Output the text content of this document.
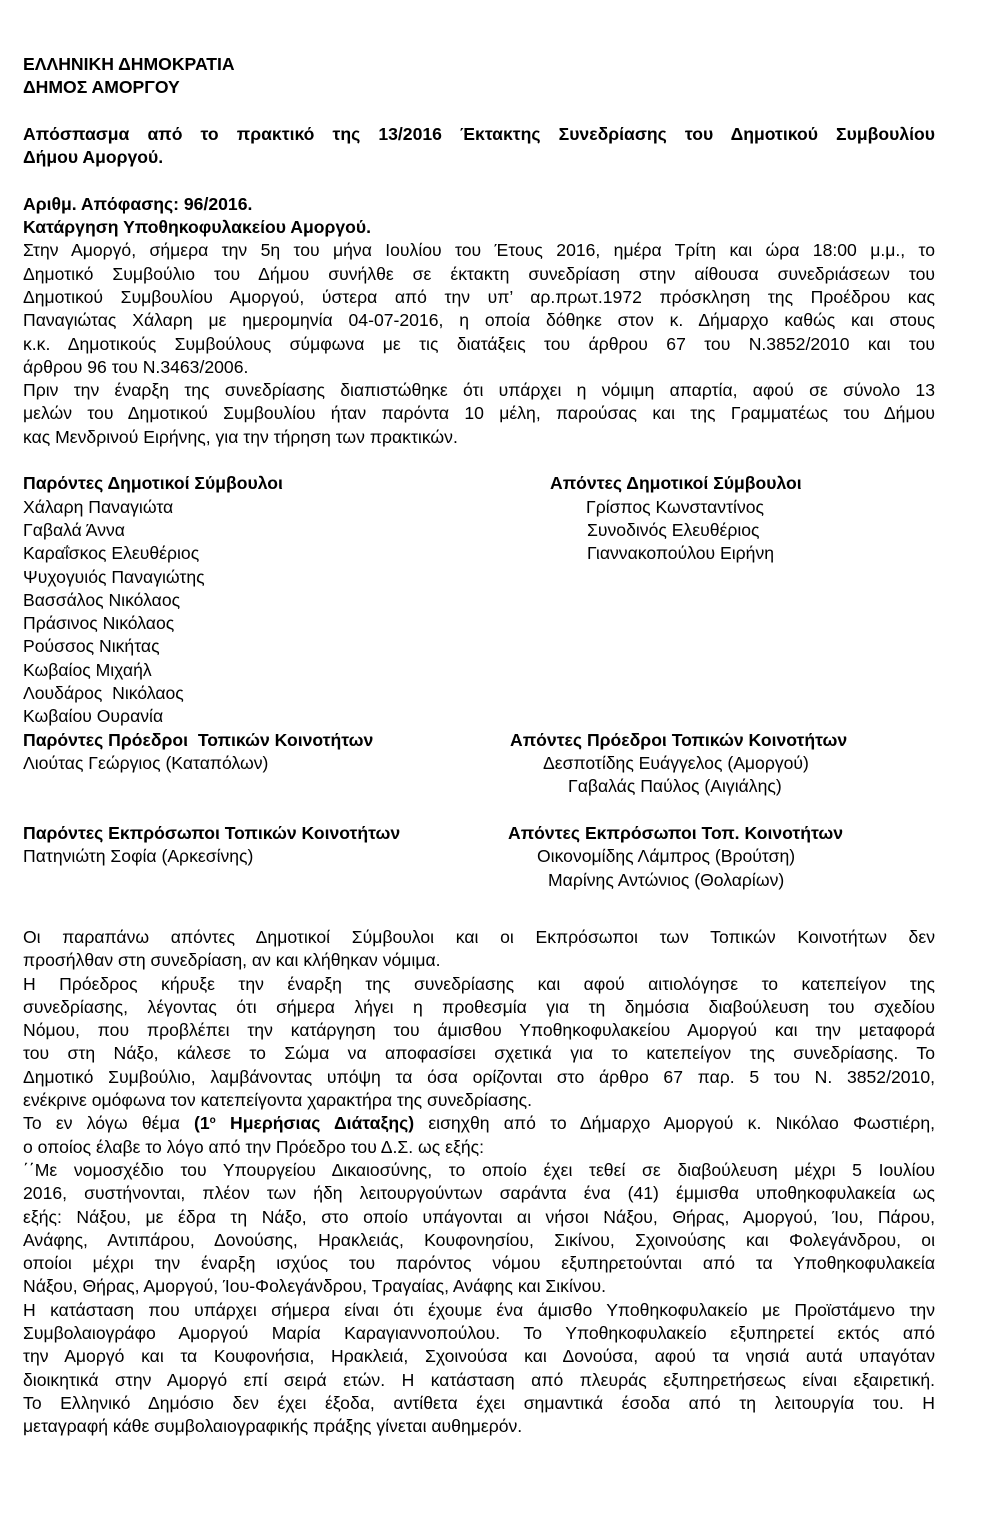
ΕΛΛΗΝΙΚΗ ΔΗΜΟΚΡΑΤΙΑ
ΔΗΜΟΣ ΑΜΟΡΓΟΥ
Απόσπασμα από το πρακτικό της 13/2016 Έκτακτης Συνεδρίασης του Δημοτικού Συμβουλίου
Δήμου Αμοργού.
Αριθμ. Απόφασης: 96/2016.
Κατάργηση Υποθηκοφυλακείου Αμοργού.
Στην Αμοργό, σήμερα την 5η του μήνα Ιουλίου του Έτους 2016, ημέρα Τρίτη και ώρα 18:00 μ.μ., το
Δημοτικό Συμβούλιο του Δήμου συνήλθε σε έκτακτη συνεδρίαση στην αίθουσα συνεδριάσεων του
Δημοτικού Συμβουλίου Αμοργού, ύστερα από την υπ’ αρ.πρωτ.1972 πρόσκληση της Προέδρου κας
Παναγιώτας Χάλαρη με ημερομηνία 04-07-2016, η οποία δόθηκε στον κ. Δήμαρχο καθώς και στους
κ.κ. Δημοτικούς Συμβούλους σύμφωνα με τις διατάξεις του άρθρου 67 του Ν.3852/2010 και του
άρθρου 96 του Ν.3463/2006.
Πριν την έναρξη της συνεδρίασης διαπιστώθηκε ότι υπάρχει η νόμιμη απαρτία, αφού σε σύνολο 13
μελών του Δημοτικού Συμβουλίου ήταν παρόντα 10 μέλη, παρούσας και της Γραμματέως του Δήμου
κας Μενδρινού Ειρήνης, για την τήρηση των πρακτικών.
Παρόντες Δημοτικοί Σύμβουλοι
Χάλαρη Παναγιώτα
Γαβαλά Άννα
Καραΐσκος Ελευθέριος
Ψυχογυιός Παναγιώτης
Βασσάλος Νικόλαος
Πράσινος Νικόλαος
Ρούσσος Νικήτας
Κωβαίος Μιχαήλ
Λουδάρος  Νικόλαος
Κωβαίου Ουρανία
Απόντες Δημοτικοί Σύμβουλοι
Γρίσπος Κωνσταντίνος
Συνοδινός Ελευθέριος
Γιαννακοπούλου Ειρήνη
Παρόντες Πρόεδροι  Τοπικών Κοινοτήτων
Λιούτας Γεώργιος (Καταπόλων)
Απόντες Πρόεδροι Τοπικών Κοινοτήτων
Δεσποτίδης Ευάγγελος (Αμοργού)
Γαβαλάς Παύλος (Αιγιάλης)
Παρόντες Εκπρόσωποι Τοπικών Κοινοτήτων
Πατηνιώτη Σοφία (Αρκεσίνης)
Απόντες Εκπρόσωποι Τοπ. Κοινοτήτων
Οικονομίδης Λάμπρος (Βρούτση)
Μαρίνης Αντώνιος (Θολαρίων)
Οι παραπάνω απόντες Δημοτικοί Σύμβουλοι και οι Εκπρόσωποι των Τοπικών Κοινοτήτων δεν
προσήλθαν στη συνεδρίαση, αν και κλήθηκαν νόμιμα.
Η Πρόεδρος κήρυξε την έναρξη της συνεδρίασης και αφού αιτιολόγησε το κατεπείγον της
συνεδρίασης, λέγοντας ότι σήμερα λήγει η προθεσμία για τη δημόσια διαβούλευση του σχεδίου
Νόμου, που προβλέπει την κατάργηση του άμισθου Υποθηκοφυλακείου Αμοργού και την μεταφορά
του στη Νάξο, κάλεσε το Σώμα να αποφασίσει σχετικά για το κατεπείγον της συνεδρίασης. Το
Δημοτικό Συμβούλιο, λαμβάνοντας υπόψη τα όσα ορίζονται στο άρθρο 67 παρ. 5 του Ν. 3852/2010,
ενέκρινε ομόφωνα τον κατεπείγοντα χαρακτήρα της συνεδρίασης.
Το εν λόγω θέμα ($1^o$ Ημερήσιας Διάταξης) εισηχθη από το Δήμαρχο Αμοργού κ. Νικόλαο Φωστιέρη,
ο οποίος έλαβε το λόγο από την Πρόεδρο του Δ.Σ. ως εξής:
΄΄Με νομοσχέδιο του Υπουργείου Δικαιοσύνης, το οποίο έχει τεθεί σε διαβούλευση μέχρι 5 Ιουλίου
2016, συστήνονται, πλέον των ήδη λειτουργούντων σαράντα ένα (41) έμμισθα υποθηκοφυλακεία ως
εξής: Νάξου, με έδρα τη Νάξο, στο οποίο υπάγονται αι νήσοι Νάξου, Θήρας, Αμοργού, Ίου, Πάρου,
Ανάφης, Αντιπάρου, Δονούσης, Ηρακλειάς, Κουφονησίου, Σικίνου, Σχοινούσης και Φολεγάνδρου, οι
οποίοι μέχρι την έναρξη ισχύος του παρόντος νόμου εξυπηρετούνται από τα Υποθηκοφυλακεία
Νάξου, Θήρας, Αμοργού, Ίου-Φολεγάνδρου, Τραγαίας, Ανάφης και Σικίνου.
Η κατάσταση που υπάρχει σήμερα είναι ότι έχουμε ένα άμισθο Υποθηκοφυλακείο με Προϊστάμενο την
Συμβολαιογράφο Αμοργού Μαρία Καραγιαννοπούλου. Το Υποθηκοφυλακείο εξυπηρετεί εκτός από
την Αμοργό και τα Κουφονήσια, Ηρακλειά, Σχοινούσα και Δονούσα, αφού τα νησιά αυτά υπαγόταν
διοικητικά στην Αμοργό επί σειρά ετών. Η κατάσταση από πλευράς εξυπηρετήσεως είναι εξαιρετική.
Το Ελληνικό Δημόσιο δεν έχει έξοδα, αντίθετα έχει σημαντικά έσοδα από τη λειτουργία του. Η
μεταγραφή κάθε συμβολαιογραφικής πράξης γίνεται αυθημερόν.
